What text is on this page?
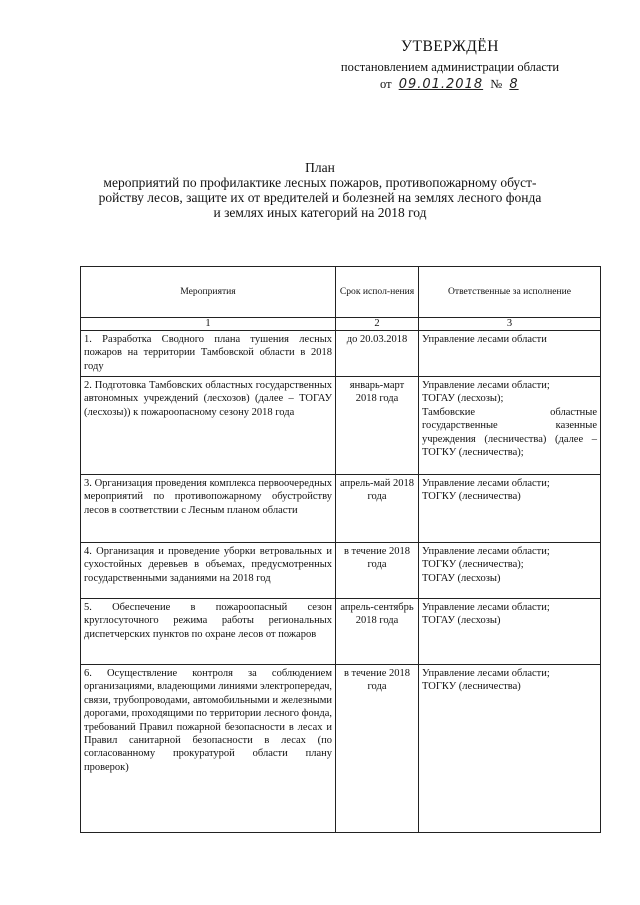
УТВЕРЖДЁН
постановлением администрации области
от 09.01.2018 № 8
План
мероприятий по профилактике лесных пожаров, противопожарному обуст-
ройству лесов, защите их от вредителей и болезней на землях лесного фонда
и землях иных категорий на 2018 год
Мероприятия	Срок испол-нения	Ответственные за исполнение
1	2	3
1. Разработка Сводного плана тушения лесных пожаров на территории Тамбовской области в 2018 году	до 20.03.2018	Управление лесами области

2. Подготовка Тамбовских областных государственных автономных учреждений (лесхозов) (далее – ТОГАУ (лесхозы)) к пожароопасному сезону 2018 года	январь-март 2018 года	Управление лесами области;
ТОГАУ (лесхозы);
Тамбовские областные государственные казенные учреждения (лесничества) (далее – ТОГКУ (лесничества);

3. Организация проведения комплекса первоочередных мероприятий по противопожарному обустройству лесов в соответствии с Лесным планом области	апрель-май 2018 года	Управление лесами области;
ТОГКУ (лесничества)

4. Организация и проведение уборки ветровальных и сухостойных деревьев в объемах, предусмотренных государственными заданиями на 2018 год	в течение 2018 года	Управление лесами области;
ТОГКУ (лесничества);
ТОГАУ (лесхозы)

5. Обеспечение в пожароопасный сезон круглосуточного режима работы региональных диспетчерских пунктов по охране лесов от пожаров	апрель-сентябрь 2018 года	Управление лесами области;
ТОГАУ (лесхозы)

6. Осуществление контроля за соблюдением организациями, владеющими линиями электропередач, связи, трубопроводами, автомобильными и железными дорогами, проходящими по территории лесного фонда, требований Правил пожарной безопасности в лесах и Правил санитарной безопасности в лесах (по согласованному прокуратурой области плану проверок)	в течение 2018 года	Управление лесами области;
ТОГКУ (лесничества)
